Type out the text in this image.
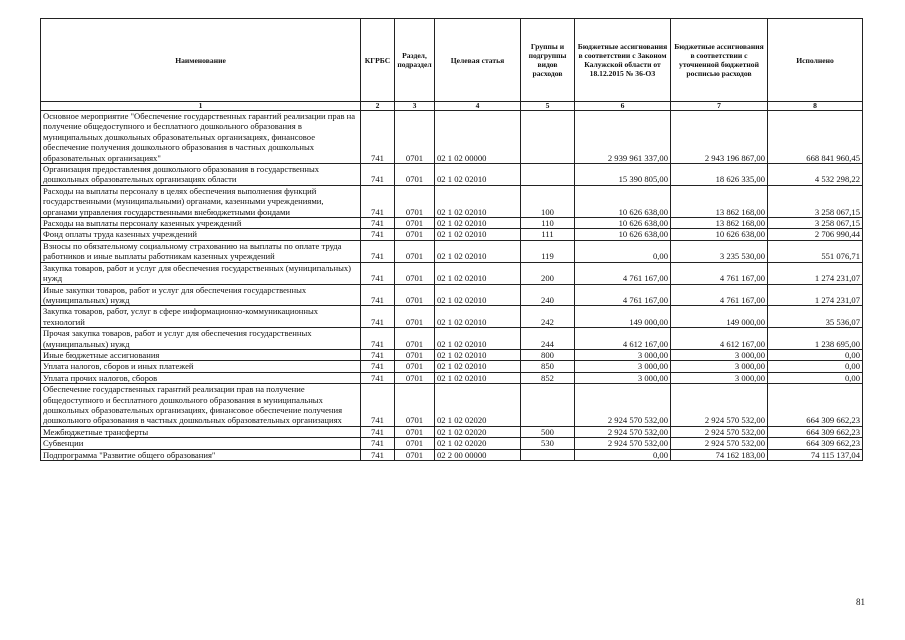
Наименование	КГРБС	Раздел, подраздел	Целевая статья	Группы и подгруппы видов расходов	Бюджетные ассигнования в соответствии с Законом Калужской области от 18.12.2015 № 36-ОЗ	Бюджетные ассигнования в соответствии с уточненной бюджетной росписью расходов	Исполнено
1	2	3	4	5	6	7	8
Основное мероприятие "Обеспечение государственных гарантий реализации прав на получение общедоступного и бесплатного дошкольного образования в муниципальных дошкольных образовательных организациях, финансовое обеспечение получения дошкольного образования в частных дошкольных образовательных организациях"	741	0701	02 1 02 00000		2 939 961 337,00	2 943 196 867,00	668 841 960,45
Организация предоставления дошкольного образования в государственных дошкольных образовательных организациях области	741	0701	02 1 02 02010		15 390 805,00	18 626 335,00	4 532 298,22
Расходы на выплаты персоналу в целях обеспечения выполнения функций государственными (муниципальными) органами, казенными учреждениями, органами управления государственными внебюджетными фондами	741	0701	02 1 02 02010	100	10 626 638,00	13 862 168,00	3 258 067,15
Расходы на выплаты персоналу казенных учреждений	741	0701	02 1 02 02010	110	10 626 638,00	13 862 168,00	3 258 067,15
Фонд оплаты труда казенных учреждений	741	0701	02 1 02 02010	111	10 626 638,00	10 626 638,00	2 706 990,44
Взносы по обязательному социальному страхованию на выплаты по оплате труда работников и иные выплаты работникам казенных учреждений	741	0701	02 1 02 02010	119	0,00	3 235 530,00	551 076,71
Закупка товаров, работ и услуг для обеспечения государственных (муниципальных) нужд	741	0701	02 1 02 02010	200	4 761 167,00	4 761 167,00	1 274 231,07
Иные закупки товаров, работ и услуг для обеспечения государственных (муниципальных) нужд	741	0701	02 1 02 02010	240	4 761 167,00	4 761 167,00	1 274 231,07
Закупка товаров, работ, услуг в сфере информационно-коммуникационных технологий	741	0701	02 1 02 02010	242	149 000,00	149 000,00	35 536,07
Прочая закупка товаров, работ и услуг для обеспечения государственных (муниципальных) нужд	741	0701	02 1 02 02010	244	4 612 167,00	4 612 167,00	1 238 695,00
Иные бюджетные ассигнования	741	0701	02 1 02 02010	800	3 000,00	3 000,00	0,00
Уплата налогов, сборов и иных платежей	741	0701	02 1 02 02010	850	3 000,00	3 000,00	0,00
Уплата прочих налогов, сборов	741	0701	02 1 02 02010	852	3 000,00	3 000,00	0,00
Обеспечение государственных гарантий реализации прав на получение общедоступного и бесплатного дошкольного образования в муниципальных дошкольных образовательных организациях, финансовое обеспечение получения дошкольного образования в частных дошкольных образовательных организациях	741	0701	02 1 02 02020		2 924 570 532,00	2 924 570 532,00	664 309 662,23
Межбюджетные трансферты	741	0701	02 1 02 02020	500	2 924 570 532,00	2 924 570 532,00	664 309 662,23
Субвенции	741	0701	02 1 02 02020	530	2 924 570 532,00	2 924 570 532,00	664 309 662,23
Подпрограмма "Развитие общего образования"	741	0701	02 2 00 00000		0,00	74 162 183,00	74 115 137,04
81
